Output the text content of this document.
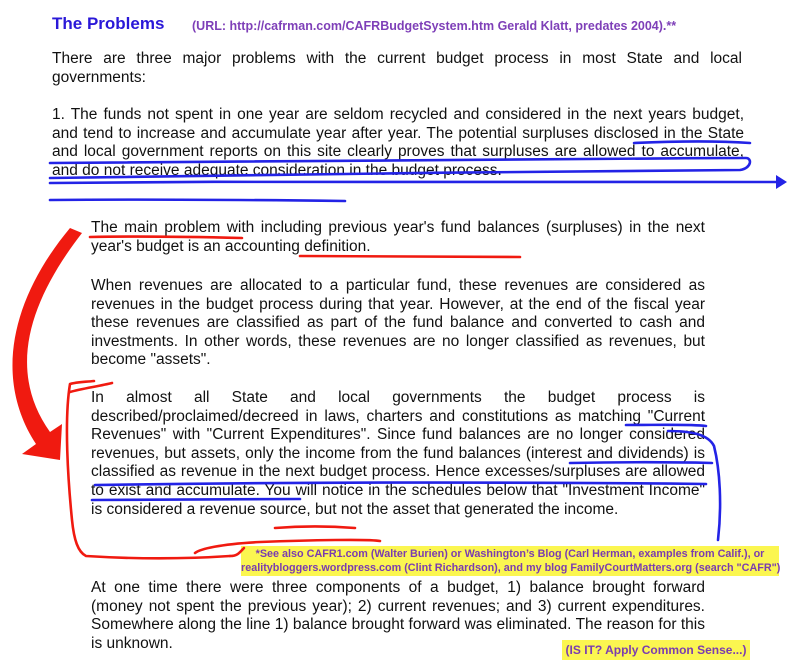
The Problems (URL: http://cafrman.com/CAFRBudgetSystem.htm Gerald Klatt, predates 2004).**

There are three major problems with the current budget process in most State and local governments:

1. The funds not spent in one year are seldom recycled and considered in the next years budget, and tend to increase and accumulate year after year. The potential surpluses disclosed in the State and local government reports on this site clearly proves that surpluses are allowed to accumulate, and do not receive adequate consideration in the budget process.

The main problem with including previous year's fund balances (surpluses) in the next year's budget is an accounting definition.

When revenues are allocated to a particular fund, these revenues are considered as revenues in the budget process during that year. However, at the end of the fiscal year these revenues are classified as part of the fund balance and converted to cash and investments. In other words, these revenues are no longer classified as revenues, but become "assets".

In almost all State and local governments the budget process is described/proclaimed/decreed in laws, charters and constitutions as matching "Current Revenues" with "Current Expenditures". Since fund balances are no longer considered revenues, but assets, only the income from the fund balances (interest and dividends) is classified as revenue in the next budget process. Hence excesses/surpluses are allowed to exist and accumulate. You will notice in the schedules below that "Investment Income" is considered a revenue source, but not the asset that generated the income.

At one time there were three components of a budget, 1) balance brought forward (money not spent the previous year); 2) current revenues; and 3) current expenditures. Somewhere along the line 1) balance brought forward was eliminated. The reason for this is unknown.

*See also CAFR1.com (Walter Burien) or Washington’s Blog (Carl Herman, examples from Calif.), or
realitybloggers.wordpress.com (Clint Richardson), and my blog FamilyCourtMatters.org (search "CAFR")
(IS IT? Apply Common Sense...)
